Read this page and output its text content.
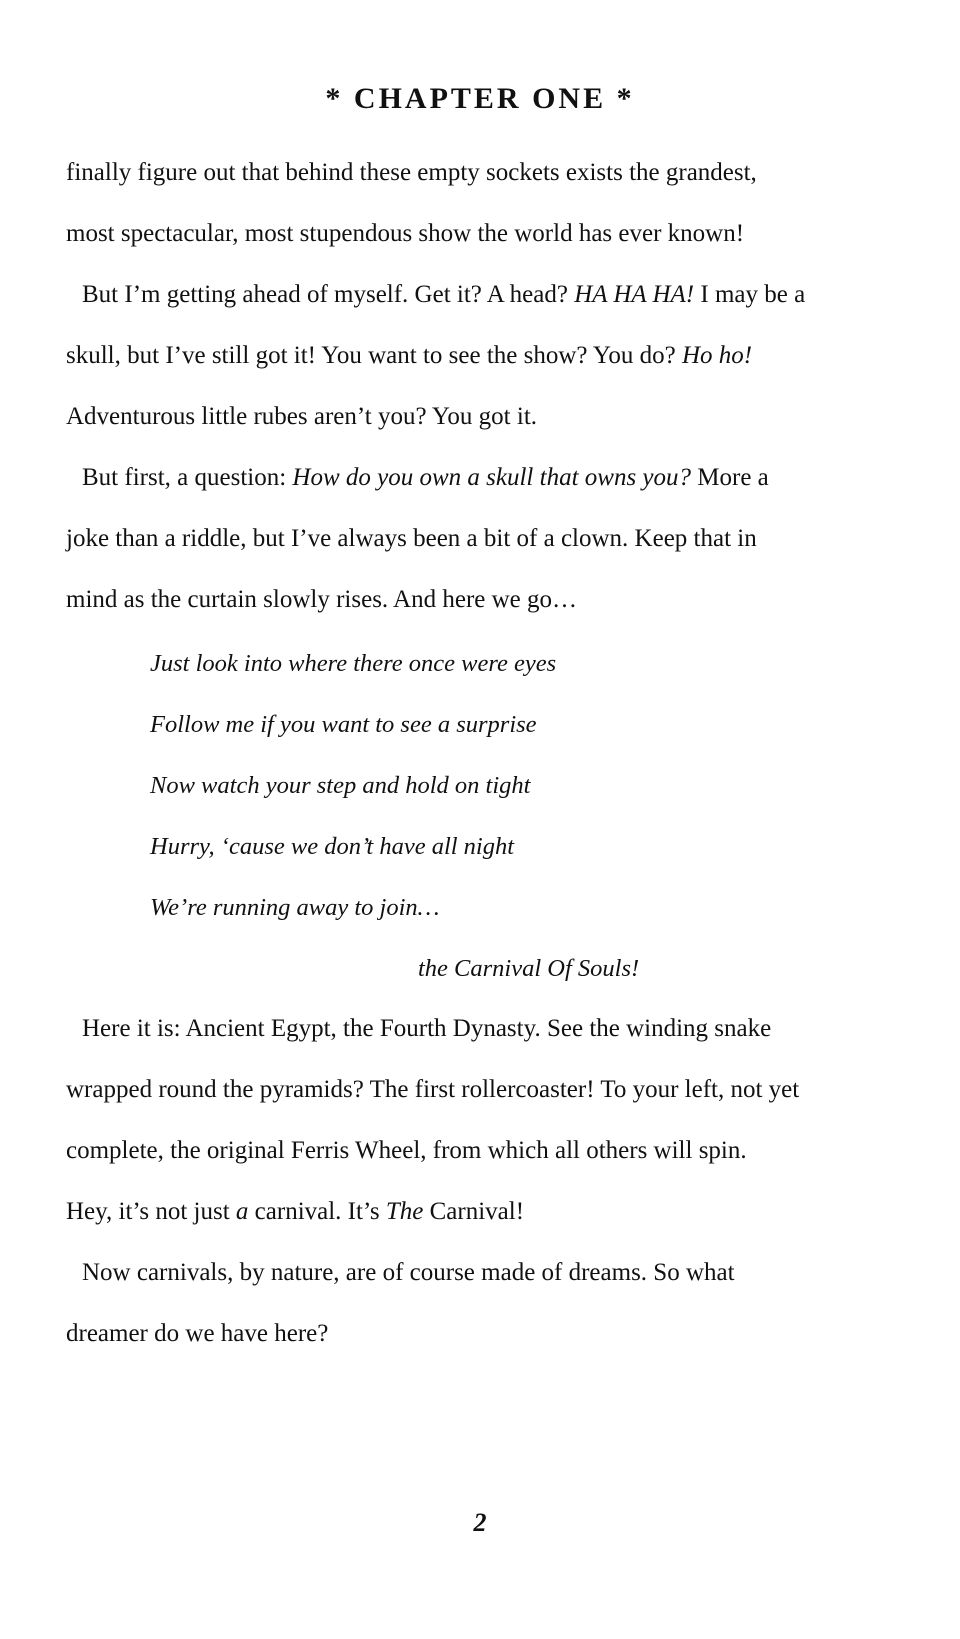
* CHAPTER ONE *
finally figure out that behind these empty sockets exists the grandest,
most spectacular, most stupendous show the world has ever known!
But I’m getting ahead of myself. Get it? A head? HA HA HA! I may be a
skull, but I’ve still got it! You want to see the show? You do? Ho ho!
Adventurous little rubes aren’t you? You got it.
But first, a question: How do you own a skull that owns you? More a
joke than a riddle, but I’ve always been a bit of a clown. Keep that in
mind as the curtain slowly rises. And here we go…
Just look into where there once were eyes
Follow me if you want to see a surprise
Now watch your step and hold on tight
Hurry, ‘cause we don’t have all night
We’re running away to join…
the Carnival Of Souls!
Here it is: Ancient Egypt, the Fourth Dynasty. See the winding snake
wrapped round the pyramids? The first rollercoaster! To your left, not yet
complete, the original Ferris Wheel, from which all others will spin.
Hey, it’s not just a carnival. It’s The Carnival!
Now carnivals, by nature, are of course made of dreams. So what
dreamer do we have here?
2
